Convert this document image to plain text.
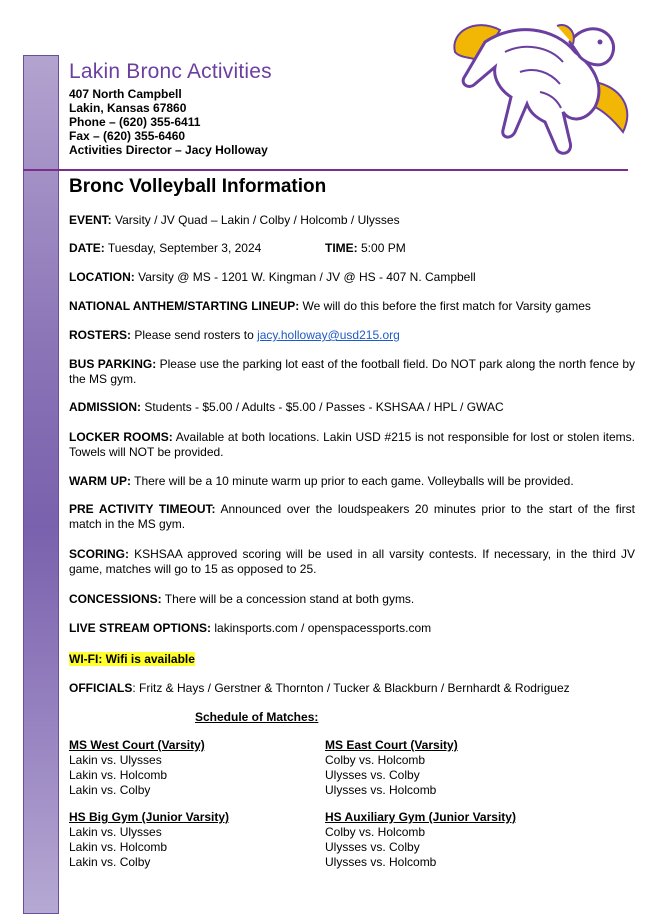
Lakin Bronc Activities
407 North Campbell
Lakin, Kansas 67860
Phone – (620) 355-6411
Fax – (620) 355-6460
Activities Director – Jacy Holloway
Bronc Volleyball Information
EVENT: Varsity / JV Quad – Lakin / Colby / Holcomb / Ulysses
DATE: Tuesday, September 3, 2024	TIME: 5:00 PM
LOCATION: Varsity @ MS - 1201 W. Kingman / JV @ HS - 407 N. Campbell
NATIONAL ANTHEM/STARTING LINEUP: We will do this before the first match for Varsity games
ROSTERS: Please send rosters to jacy.holloway@usd215.org
BUS PARKING: Please use the parking lot east of the football field. Do NOT park along the north fence by the MS gym.
ADMISSION: Students - $5.00 / Adults - $5.00 / Passes - KSHSAA / HPL / GWAC
LOCKER ROOMS: Available at both locations. Lakin USD #215 is not responsible for lost or stolen items. Towels will NOT be provided.
WARM UP: There will be a 10 minute warm up prior to each game. Volleyballs will be provided.
PRE ACTIVITY TIMEOUT: Announced over the loudspeakers 20 minutes prior to the start of the first match in the MS gym.
SCORING: KSHSAA approved scoring will be used in all varsity contests. If necessary, in the third JV game, matches will go to 15 as opposed to 25.
CONCESSIONS: There will be a concession stand at both gyms.
LIVE STREAM OPTIONS: lakinsports.com / openspacessports.com
WI-FI: Wifi is available
OFFICIALS: Fritz & Hays / Gerstner & Thornton / Tucker & Blackburn / Bernhardt & Rodriguez
Schedule of Matches:
MS West Court (Varsity)
Lakin vs. Ulysses
Lakin vs. Holcomb
Lakin vs. Colby
MS East Court (Varsity)
Colby vs. Holcomb
Ulysses vs. Colby
Ulysses vs. Holcomb
HS Big Gym (Junior Varsity)
Lakin vs. Ulysses
Lakin vs. Holcomb
Lakin vs. Colby
HS Auxiliary Gym (Junior Varsity)
Colby vs. Holcomb
Ulysses vs. Colby
Ulysses vs. Holcomb
